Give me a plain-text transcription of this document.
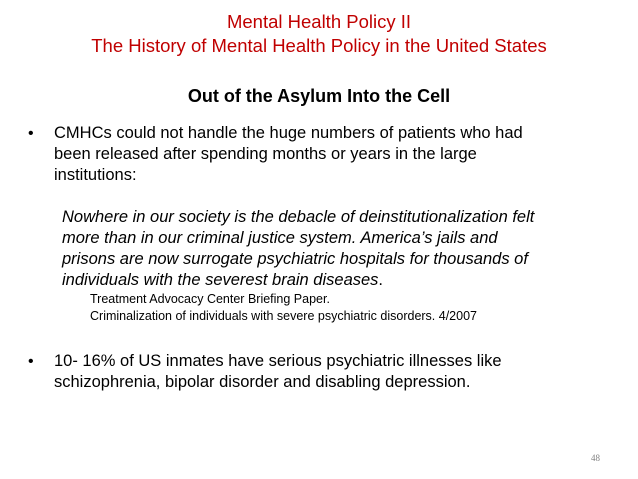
Mental Health Policy II
The History of Mental Health Policy in the United States
Out of the Asylum Into the Cell
• CMHCs could not handle the huge numbers of patients who had
been released after spending months or years in the large
institutions:

Nowhere in our society is the debacle of deinstitutionalization felt
more than in our criminal justice system. America’s jails and
prisons are now surrogate psychiatric hospitals for thousands of
individuals with the severest brain diseases.

Treatment Advocacy Center Briefing Paper.
Criminalization of individuals with severe psychiatric disorders. 4/2007

• 10- 16% of US inmates have serious psychiatric illnesses like
schizophrenia, bipolar disorder and disabling depression.

48
